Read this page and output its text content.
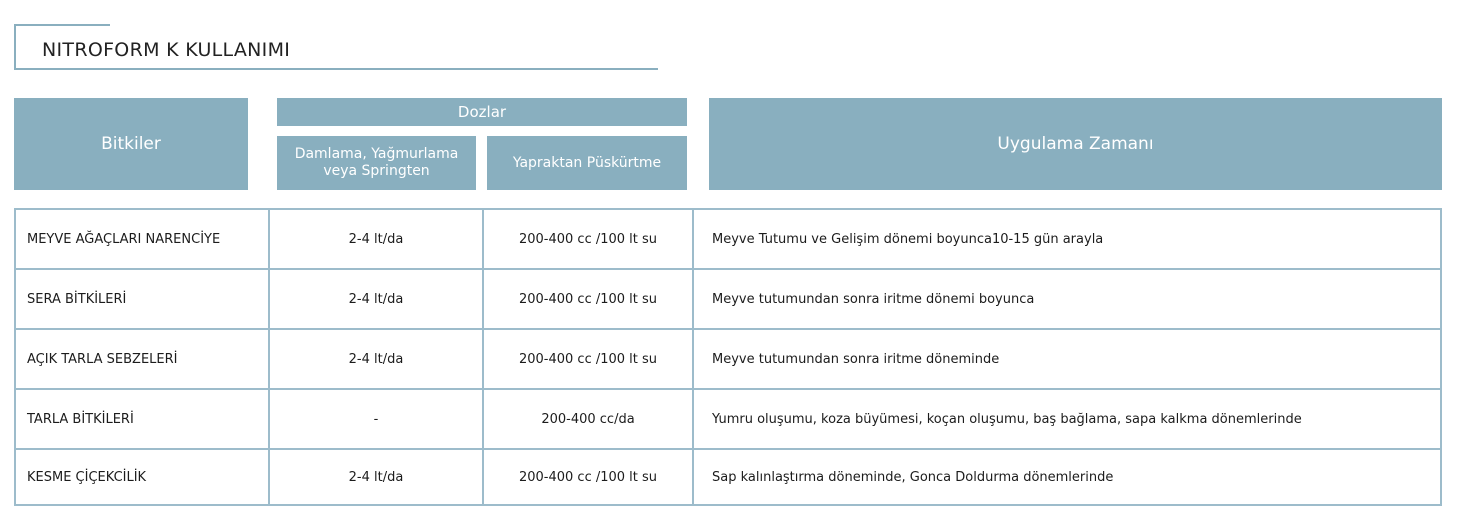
NITROFORM K KULLANIMI
Bitkiler
Dozlar
Damlama, Yağmurlama veya Springten	Yapraktan Püskürtme
Uygulama Zamanı
MEYVE AĞAÇLARI NARENCİYE	2-4 lt/da	200-400 cc /100 lt su	Meyve Tutumu ve Gelişim dönemi boyunca10-15 gün arayla
SERA BİTKİLERİ	2-4 lt/da	200-400 cc /100 lt su	Meyve tutumundan sonra iritme dönemi boyunca
AÇIK TARLA SEBZELERİ	2-4 lt/da	200-400 cc /100 lt su	Meyve tutumundan sonra iritme döneminde
TARLA BİTKİLERİ	-	200-400 cc/da	Yumru oluşumu, koza büyümesi, koçan oluşumu, baş bağlama, sapa kalkma dönemlerinde
KESME ÇİÇEKCİLİK	2-4 lt/da	200-400 cc /100 lt su	Sap kalınlaştırma döneminde, Gonca Doldurma dönemlerinde
